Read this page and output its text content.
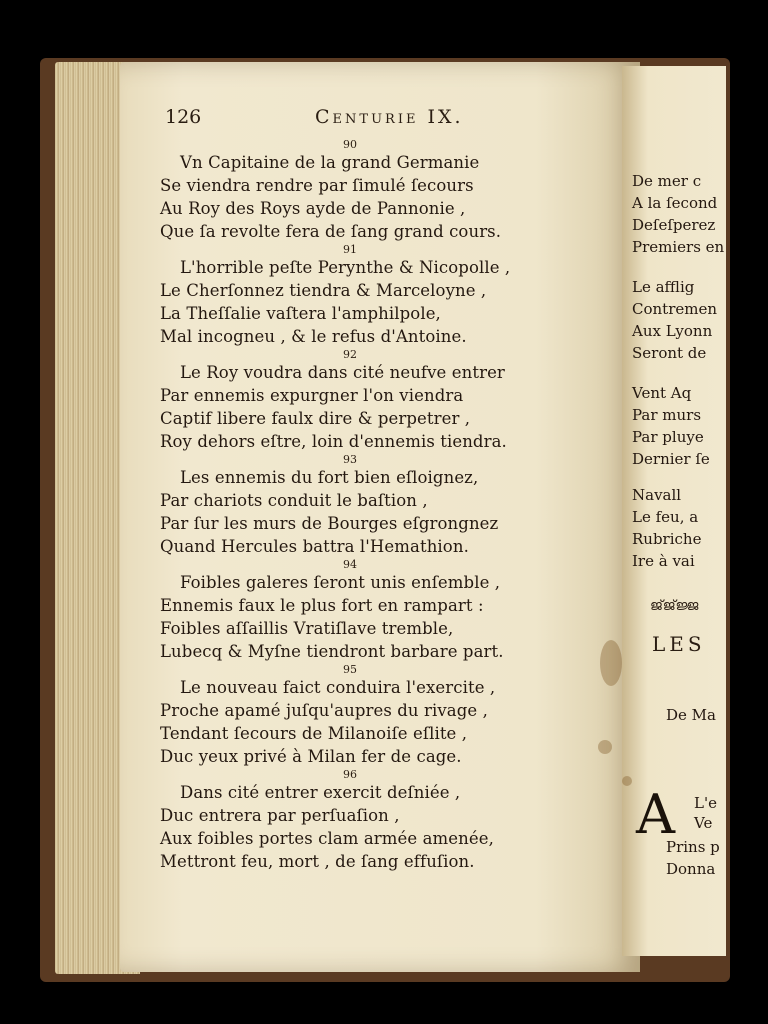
126	Centurie IX.
90
Vn Capitaine de la grand Germanie
Se viendra rendre par ſimulé ſecours
Au Roy des Roys ayde de Pannonie ,
Que ſa revolte fera de ſang grand cours.
91
L'horrible peſte Perynthe & Nicopolle ,
Le Cherſonnez tiendra & Marceloyne ,
La Theſſalie vaſtera l'amphilpole,
Mal incogneu , & le refus d'Antoine.
92
Le Roy voudra dans cité neufve entrer
Par ennemis expurgner l'on viendra
Captif libere faulx dire & perpetrer ,
Roy dehors eſtre, loin d'ennemis tiendra.
93
Les ennemis du fort bien eſloignez,
Par chariots conduit le baſtion ,
Par ſur les murs de Bourges eſgrongnez
Quand Hercules battra l'Hemathion.
94
Foibles galeres ſeront unis enſemble ,
Ennemis faux le plus fort en rampart :
Foibles aſſaillis Vratiſlave tremble,
Lubecq & Myſne tiendront barbare part.
95
Le nouveau faict conduira l'exercite ,
Proche apamé juſqu'aupres du rivage ,
Tendant ſecours de Milanoiſe eſlite ,
Duc yeux privé à Milan fer de cage.
96
Dans cité entrer exercit deſniée ,
Duc entrera par perſuaſion ,
Aux foibles portes clam armée amenée,
Mettront feu, mort , de ſang effuſion.
De mer c
A la ſecond
Deſeſperez
Premiers en
Le afflig
Contremen
Aux Lyonn
Seront de
Vent Aq
Par murs
Par pluye
Dernier ſe
Navall
Le feu, a
Rubriche
Ire à vai
ജ്ജ്ജ്ജ
LES
De Ma
A L'e
Ve
Prins p
Donna
